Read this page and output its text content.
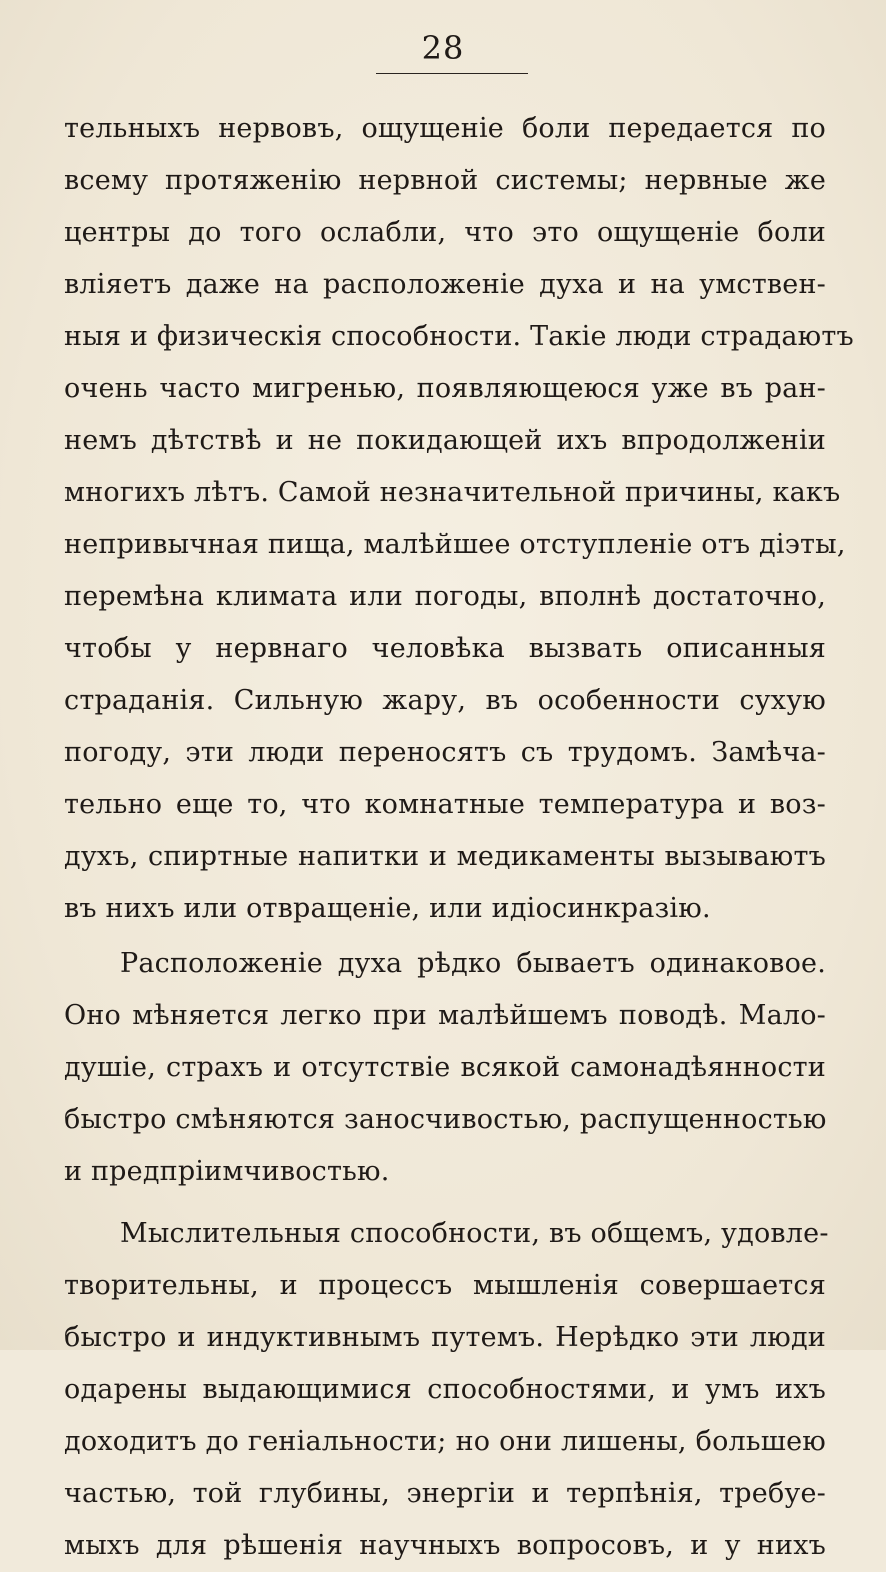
28
тельныхъ нервовъ, ощущеніе боли передается по
всему протяженію нервной системы; нервные же
центры до того ослабли, что это ощущеніе боли
вліяетъ даже на расположеніе духа и на умствен-
ныя и физическія способности. Такіе люди страдаютъ
очень часто мигренью, появляющеюся уже въ ран-
немъ дѣтствѣ и не покидающей ихъ впродолженіи
многихъ лѣтъ. Самой незначительной причины, какъ
непривычная пища, малѣйшее отступленіе отъ діэты,
перемѣна климата или погоды, вполнѣ достаточно,
чтобы у нервнаго человѣка вызвать описанныя
страданія. Сильную жару, въ особенности сухую
погоду, эти люди переносятъ съ трудомъ. Замѣча-
тельно еще то, что комнатные температура и воз-
духъ, спиртные напитки и медикаменты вызываютъ
въ нихъ или отвращеніе, или идіосинкразію.
Расположеніе духа рѣдко бываетъ одинаковое.
Оно мѣняется легко при малѣйшемъ поводѣ. Мало-
душіе, страхъ и отсутствіе всякой самонадѣянности
быстро смѣняются заносчивостью, распущенностью
и предпріимчивостью.
Мыслительныя способности, въ общемъ, удовле-
творительны, и процессъ мышленія совершается
быстро и индуктивнымъ путемъ. Нерѣдко эти люди
одарены выдающимися способностями, и умъ ихъ
доходитъ до геніальности; но они лишены, большею
частью, той глубины, энергіи и терпѣнія, требуе-
мыхъ для рѣшенія научныхъ вопросовъ, и у нихъ
